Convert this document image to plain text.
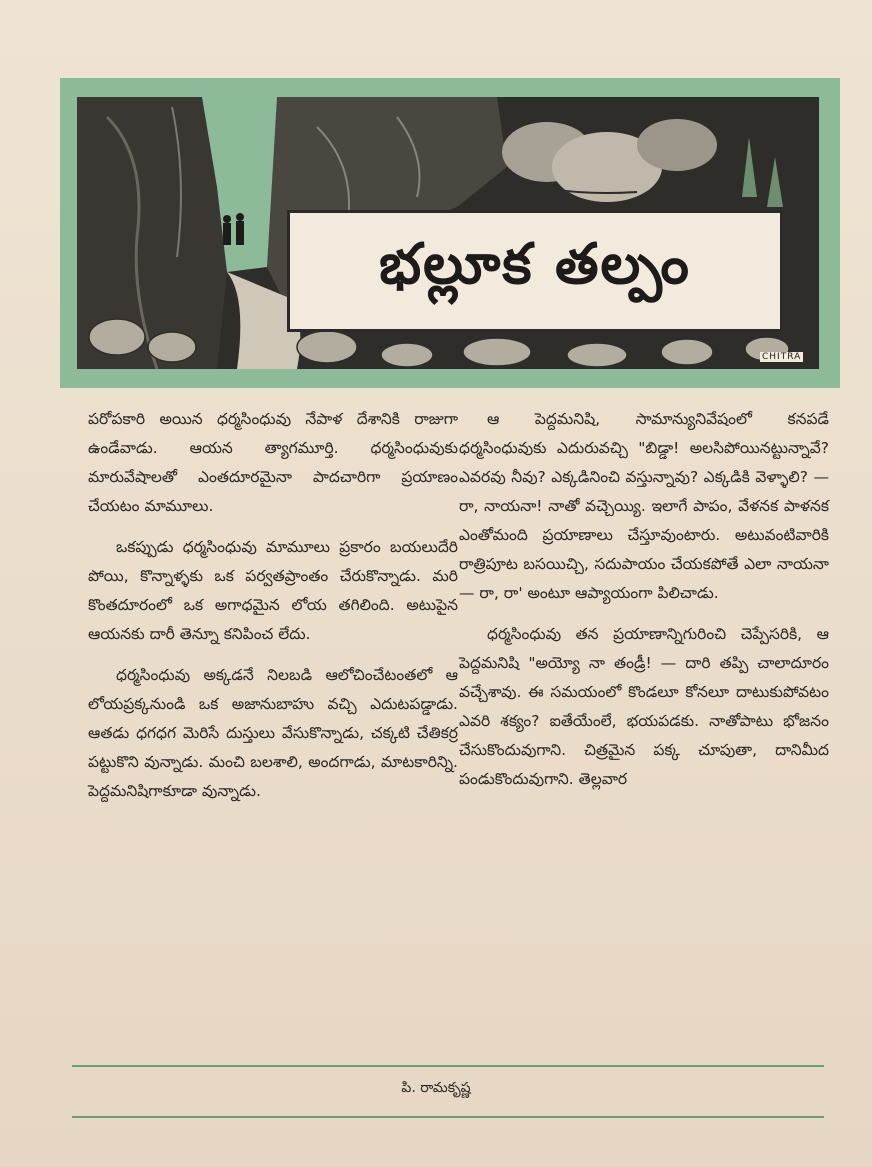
భల్లూక తల్పం
CHITRA

పరోపకారి అయిన ధర్మసింధువు నేపాళ దేశానికి రాజుగా ఉండేవాడు. ఆయన త్యాగమూర్తి. ధర్మసింధువుకు మారువేషాలతో ఎంతదూరమైనా పాదచారిగా ప్రయాణం చేయటం మామూలు.

ఒకప్పుడు ధర్మసింధువు మామూలు ప్రకారం బయలుదేరి పోయి, కొన్నాళ్ళకు ఒక పర్వతప్రాంతం చేరుకొన్నాడు. మరి కొంతదూరంలో ఒక అగాధమైన లోయ తగిలింది. అటుపైన ఆయనకు దారీ తెన్నూ కనిపించ లేదు.

ధర్మసింధువు అక్కడనే నిలబడి ఆలోచించేటంతలో ఆ లోయప్రక్కనుండి ఒక అజానుబాహు వచ్చి ఎదుటపడ్డాడు. ఆతడు ధగధగ మెరిసే దుస్తులు వేసుకొన్నాడు, చక్కటి చేతికర్ర పట్టుకొని వున్నాడు. మంచి బలశాలి, అందగాడు, మాటకారిన్ని. పెద్దమనిషిగాకూడా వున్నాడు.

ఆ పెద్దమనిషి, సామాన్యునివేషంలో కనపడే ధర్మసింధువుకు ఎదురువచ్చి "బిడ్డా! అలసిపోయినట్టున్నావే? ఎవరవు నీవు? ఎక్కడినించి వస్తున్నావు? ఎక్కడికి వెళ్ళాలి? — రా, నాయనా! నాతో వచ్చెయ్యి. ఇలాగే పాపం, వేళనక పాళనక ఎంతోమంది ప్రయాణాలు చేస్తూవుంటారు. అటువంటివారికి రాత్రిపూట బసయిచ్చి, సదుపాయం చేయకపోతే ఎలా నాయనా — రా, రా' అంటూ ఆప్యాయంగా పిలిచాడు.

ధర్మసింధువు తన ప్రయాణాన్నిగురించి చెప్పేసరికి, ఆ పెద్దమనిషి "అయ్యో నా తండ్రీ! — దారి తప్పి చాలాదూరం వచ్చేశావు. ఈ సమయంలో కొండలూ కోనలూ దాటుకుపోవటం ఎవరి శక్యం? ఐతేయేంలే, భయపడకు. నాతోపాటు భోజనం చేసుకొందువుగాని. చిత్రమైన పక్క చూపుతా, దానిమీద పండుకొందువుగాని. తెల్లవార

పి. రామకృష్ణ
